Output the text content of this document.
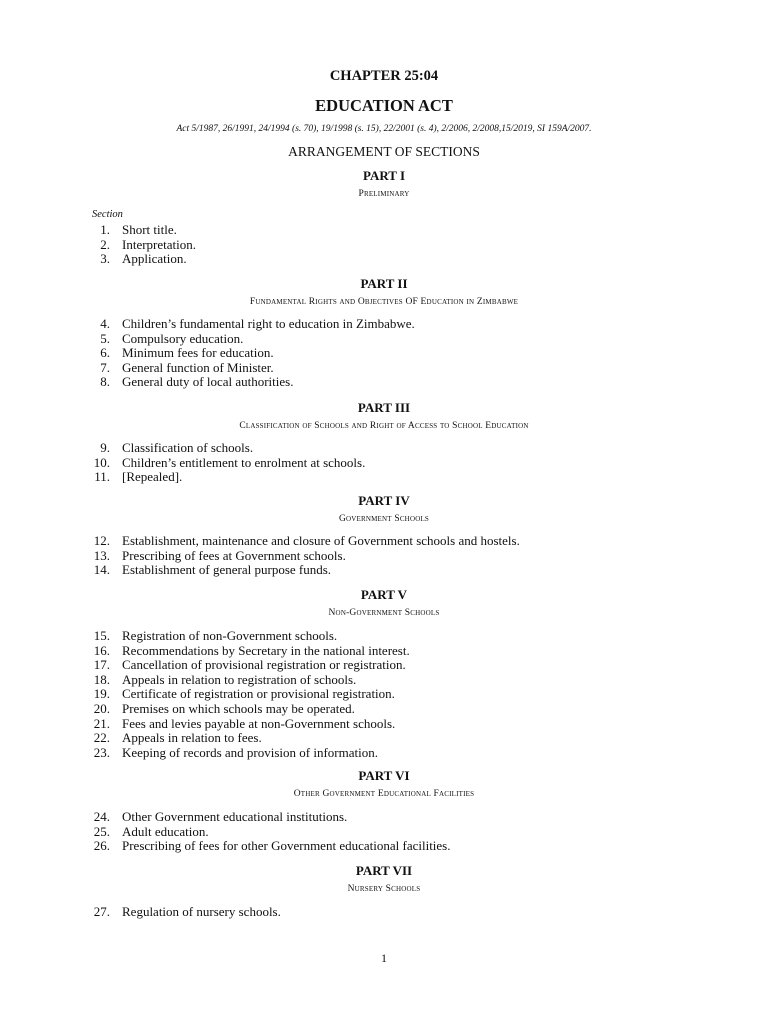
CHAPTER 25:04
EDUCATION ACT
Act 5/1987, 26/1991, 24/1994 (s. 70), 19/1998 (s. 15), 22/2001 (s. 4), 2/2006, 2/2008,15/2019, SI 159A/2007.
ARRANGEMENT OF SECTIONS
Section
PART I
Preliminary
1. Short title.
2. Interpretation.
3. Application.
PART II
Fundamental Rights and Objectives OF Education in Zimbabwe
4. Children’s fundamental right to education in Zimbabwe.
5. Compulsory education.
6. Minimum fees for education.
7. General function of Minister.
8. General duty of local authorities.
PART III
Classification of Schools and Right of Access to School Education
9. Classification of schools.
10. Children’s entitlement to enrolment at schools.
11. [Repealed].
PART IV
Government Schools
12. Establishment, maintenance and closure of Government schools and hostels.
13. Prescribing of fees at Government schools.
14. Establishment of general purpose funds.
PART V
Non-Government Schools
15. Registration of non-Government schools.
16. Recommendations by Secretary in the national interest.
17. Cancellation of provisional registration or registration.
18. Appeals in relation to registration of schools.
19. Certificate of registration or provisional registration.
20. Premises on which schools may be operated.
21. Fees and levies payable at non-Government schools.
22. Appeals in relation to fees.
23. Keeping of records and provision of information.
PART VI
Other Government Educational Facilities
24. Other Government educational institutions.
25. Adult education.
26. Prescribing of fees for other Government educational facilities.
PART VII
Nursery Schools
27. Regulation of nursery schools.
1
